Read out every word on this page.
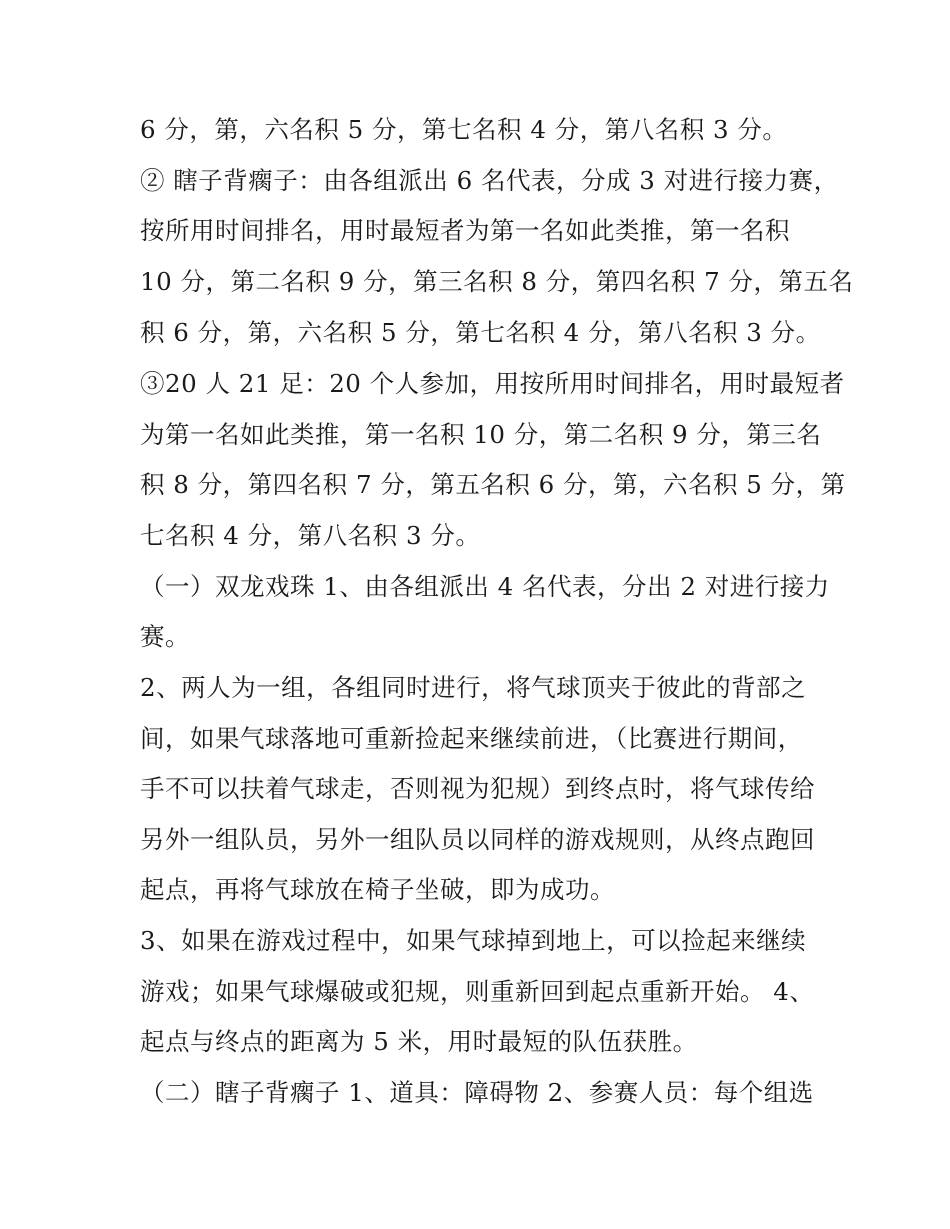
6 分，第，六名积 5 分，第七名积 4 分，第八名积 3 分。
② 瞎子背瘸子：由各组派出 6 名代表，分成 3 对进行接力赛，
按所用时间排名，用时最短者为第一名如此类推，第一名积
10 分，第二名积 9 分，第三名积 8 分，第四名积 7 分，第五名
积 6 分，第，六名积 5 分，第七名积 4 分，第八名积 3 分。
③20 人 21 足：20 个人参加，用按所用时间排名，用时最短者
为第一名如此类推，第一名积 10 分，第二名积 9 分，第三名
积 8 分，第四名积 7 分，第五名积 6 分，第，六名积 5 分，第
七名积 4 分，第八名积 3 分。
（一）双龙戏珠 1、由各组派出 4 名代表，分出 2 对进行接力
赛。
2、两人为一组，各组同时进行，将气球顶夹于彼此的背部之
间，如果气球落地可重新捡起来继续前进，（比赛进行期间，
手不可以扶着气球走，否则视为犯规）到终点时，将气球传给
另外一组队员，另外一组队员以同样的游戏规则，从终点跑回
起点，再将气球放在椅子坐破，即为成功。
3、如果在游戏过程中，如果气球掉到地上，可以捡起来继续
游戏；如果气球爆破或犯规，则重新回到起点重新开始。 4、
起点与终点的距离为 5 米，用时最短的队伍获胜。
（二）瞎子背瘸子 1、道具：障碍物 2、参赛人员：每个组选
